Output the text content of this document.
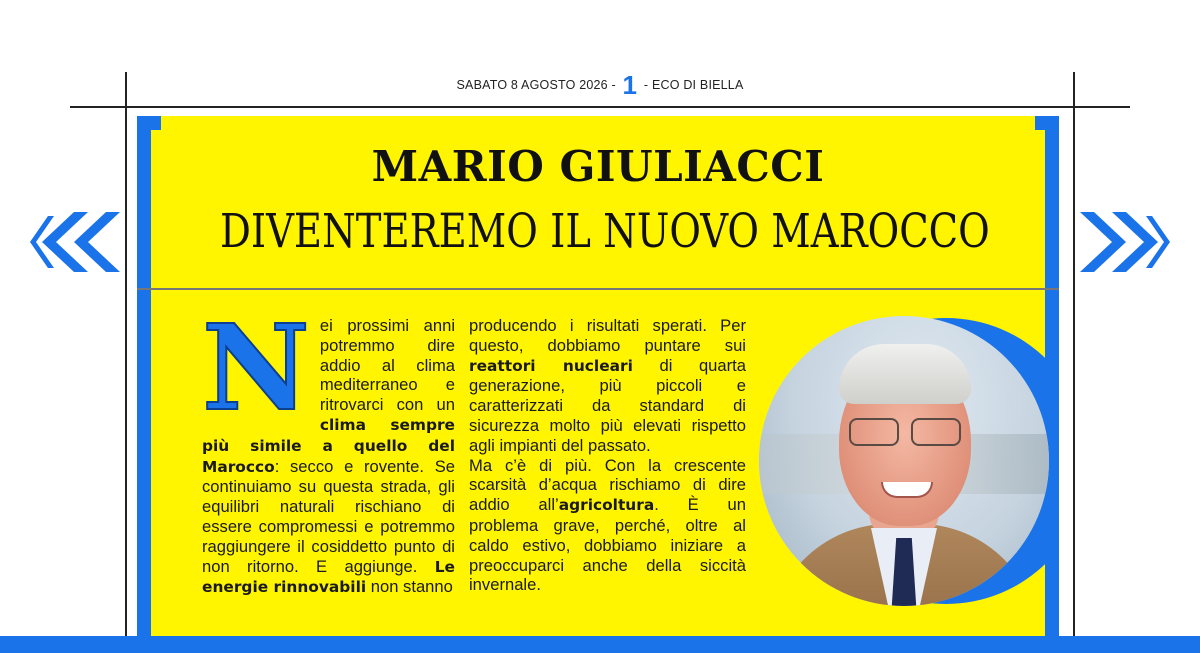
SABATO 8 AGOSTO 2026 - 1 - ECO DI BIELLA
MARIO GIULIACCI
DIVENTEREMO IL NUOVO MAROCCO
Nei prossimi anni potremmo dire addio al clima mediterraneo e ritrovarci con un clima sempre più simile a quello del Marocco: secco e rovente. Se continuiamo su questa strada, gli equilibri naturali rischiano di essere compromessi e potremmo raggiungere il cosiddetto punto di non ritorno. E aggiunge. Le energie rinnovabili non stanno
producendo i risultati sperati. Per questo, dobbiamo puntare sui reattori nucleari di quarta generazione, più piccoli e caratterizzati da standard di sicurezza molto più elevati rispetto agli impianti del passato.
Ma c’è di più. Con la crescente scarsità d’acqua rischiamo di dire addio all’agricoltura. È un problema grave, perché, oltre al caldo estivo, dobbiamo iniziare a preoccuparci anche della siccità invernale.
